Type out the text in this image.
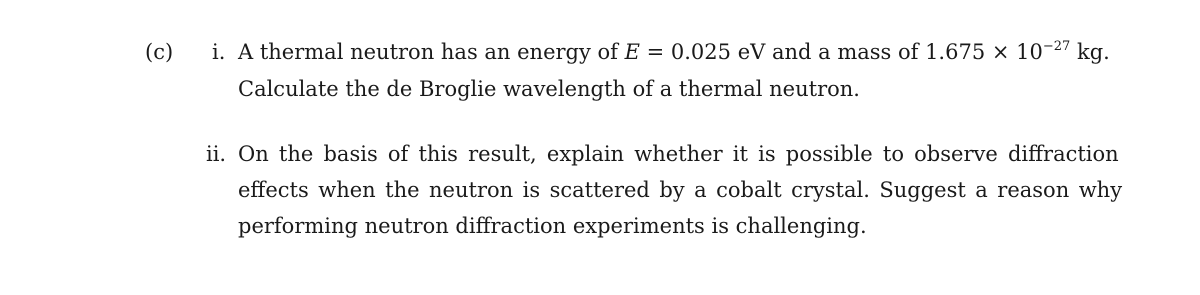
(c) i. A thermal neutron has an energy of E = 0.025 eV and a mass of $1.675 \times 10^{-27}$ kg.
Calculate the de Broglie wavelength of a thermal neutron.
ii. On the basis of this result, explain whether it is possible to observe diffraction
effects when the neutron is scattered by a cobalt crystal. Suggest a reason why
performing neutron diffraction experiments is challenging.
